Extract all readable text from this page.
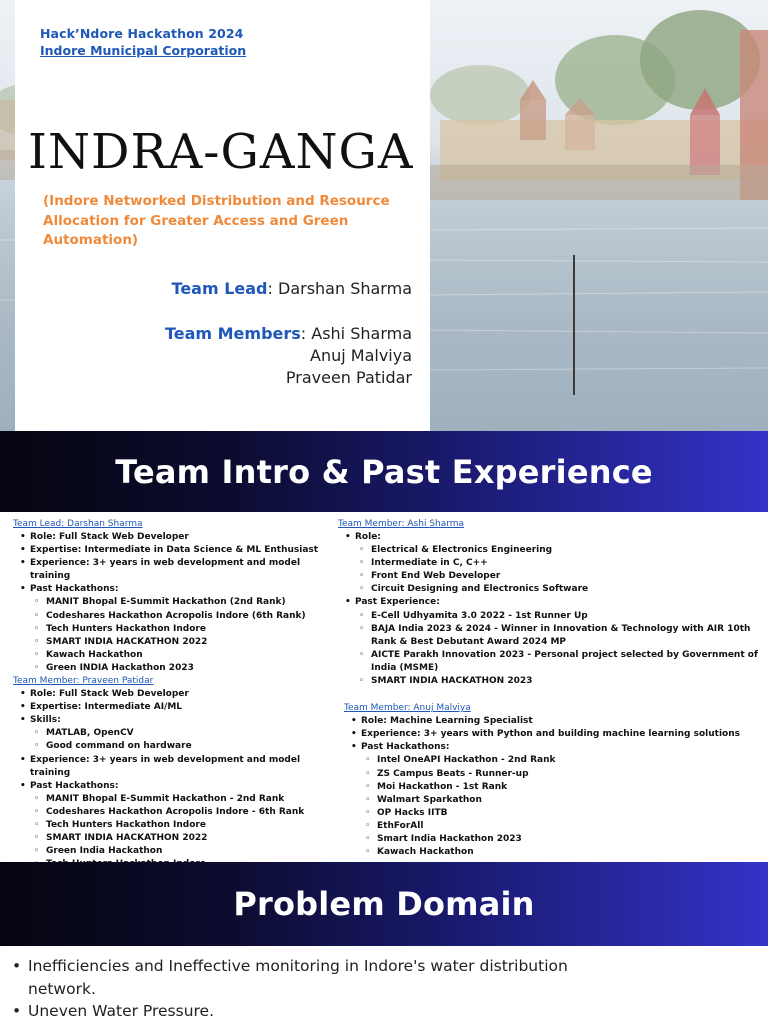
Hack’Ndore Hackathon 2024

Indore Municipal Corporation
INDRA-GANGA

(Indore Networked Distribution and Resource Allocation for Greater Access and Green Automation)

Team Lead: Darshan Sharma
Team Members: Ashi Sharma
Anuj Malviya
Praveen Patidar
Team Intro & Past Experience
Team Lead: Darshan Sharma
• Role: Full Stack Web Developer
• Expertise: Intermediate in Data Science & ML Enthusiast
• Experience: 3+ years in web development and model training
• Past Hackathons:
◦ MANIT Bhopal E-Summit Hackathon (2nd Rank)
◦ Codeshares Hackathon Acropolis Indore (6th Rank)
◦ Tech Hunters Hackathon Indore
◦ SMART INDIA HACKATHON 2022
◦ Kawach Hackathon
◦ Green INDIA Hackathon 2023
Team Member: Praveen Patidar
• Role: Full Stack Web Developer
• Expertise: Intermediate AI/ML
• Skills:
◦ MATLAB, OpenCV
◦ Good command on hardware
• Experience: 3+ years in web development and model training
• Past Hackathons:
◦ MANIT Bhopal E-Summit Hackathon - 2nd Rank
◦ Codeshares Hackathon Acropolis Indore - 6th Rank
◦ Tech Hunters Hackathon Indore
◦ SMART INDIA HACKATHON 2022
◦ Green India Hackathon
◦
Team Member: Ashi Sharma
• Role:
◦ Electrical & Electronics Engineering
◦ Intermediate in C, C++
◦ Front End Web Developer
◦ Circuit Designing and Electronics Software
• Past Experience:
◦ E-Cell Udhyamita 3.0 2022 - 1st Runner Up
◦ BAJA India 2023 & 2024 - Winner in Innovation & Technology with AIR 10th Rank & Best Debutant Award 2024 MP
◦ AICTE Parakh Innovation 2023 - Personal project selected by Government of India (MSME)
◦ SMART INDIA HACKATHON 2023
Team Member: Anuj Malviya
• Role: Machine Learning Specialist
• Experience: 3+ years with Python and building machine learning solutions
• Past Hackathons:
◦ Intel OneAPI Hackathon - 2nd Rank
◦ ZS Campus Beats - Runner-up
◦ Moi Hackathon - 1st Rank
◦ Walmart Sparkathon
◦ OP Hacks IITB
◦ EthForAll
◦ Smart India Hackathon 2023
◦ Kawach Hackathon
Problem Domain
• Inefficiencies and Ineffective monitoring in Indore's water distribution network.
• Uneven Water Pressure.
